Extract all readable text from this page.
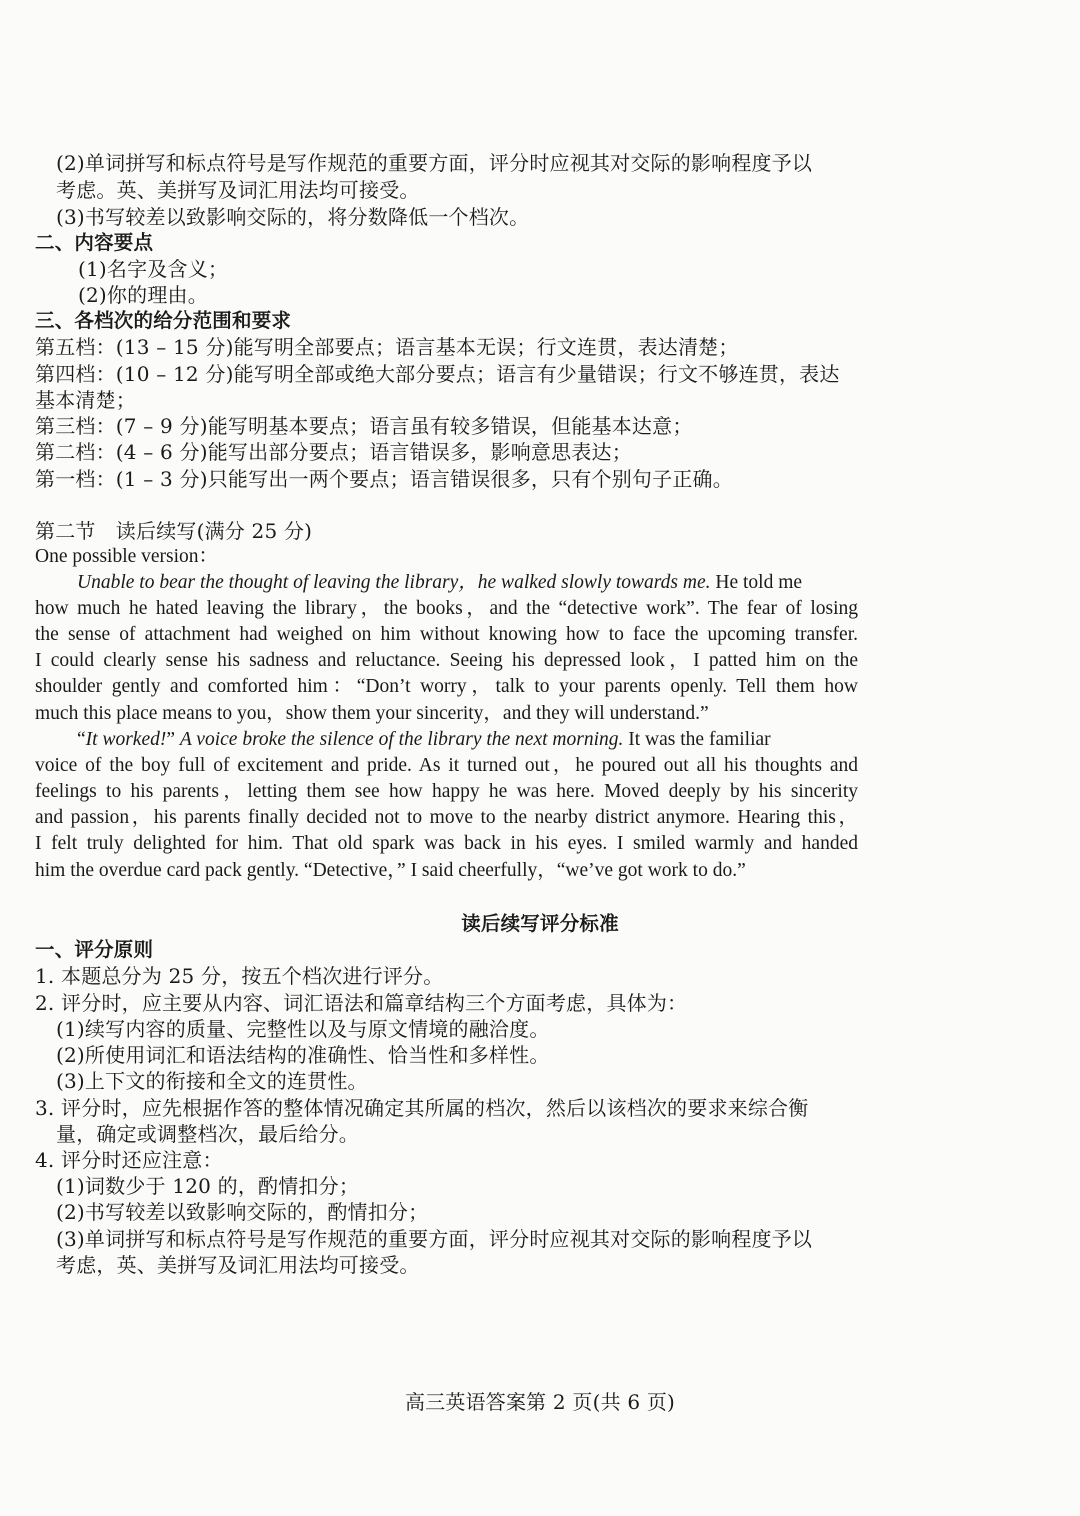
(2)单词拼写和标点符号是写作规范的重要方面，评分时应视其对交际的影响程度予以
考虑。英、美拼写及词汇用法均可接受。
(3)书写较差以致影响交际的，将分数降低一个档次。
二、内容要点
(1)名字及含义；
(2)你的理由。
三、各档次的给分范围和要求
第五档：(13 – 15 分)能写明全部要点；语言基本无误；行文连贯，表达清楚；
第四档：(10 – 12 分)能写明全部或绝大部分要点；语言有少量错误；行文不够连贯，表达
基本清楚；
第三档：(7 – 9 分)能写明基本要点；语言虽有较多错误，但能基本达意；
第二档：(4 – 6 分)能写出部分要点；语言错误多，影响意思表达；
第一档：(1 – 3 分)只能写出一两个要点；语言错误很多，只有个别句子正确。
第二节　读后续写(满分 25 分)
One possible version：
Unable to bear the thought of leaving the library，he walked slowly towards me. He told me
how much he hated leaving the library，the books，and the “detective work”. The fear of losing
the sense of attachment had weighed on him without knowing how to face the upcoming transfer.
I could clearly sense his sadness and reluctance. Seeing his depressed look，I patted him on the
shoulder gently and comforted him：“Don’t worry，talk to your parents openly. Tell them how
much this place means to you，show them your sincerity，and they will understand.”
“It worked!” A voice broke the silence of the library the next morning. It was the familiar
voice of the boy full of excitement and pride. As it turned out，he poured out all his thoughts and
feelings to his parents，letting them see how happy he was here. Moved deeply by his sincerity
and passion，his parents finally decided not to move to the nearby district anymore. Hearing this，
I felt truly delighted for him. That old spark was back in his eyes. I smiled warmly and handed
him the overdue card pack gently. “Detective，” I said cheerfully，“we’ve got work to do.”
读后续写评分标准
一、评分原则
1. 本题总分为 25 分，按五个档次进行评分。
2. 评分时，应主要从内容、词汇语法和篇章结构三个方面考虑，具体为：
(1)续写内容的质量、完整性以及与原文情境的融洽度。
(2)所使用词汇和语法结构的准确性、恰当性和多样性。
(3)上下文的衔接和全文的连贯性。
3. 评分时，应先根据作答的整体情况确定其所属的档次，然后以该档次的要求来综合衡
量，确定或调整档次，最后给分。
4. 评分时还应注意：
(1)词数少于 120 的，酌情扣分；
(2)书写较差以致影响交际的，酌情扣分；
(3)单词拼写和标点符号是写作规范的重要方面，评分时应视其对交际的影响程度予以
考虑，英、美拼写及词汇用法均可接受。
高三英语答案第 2 页(共 6 页)
